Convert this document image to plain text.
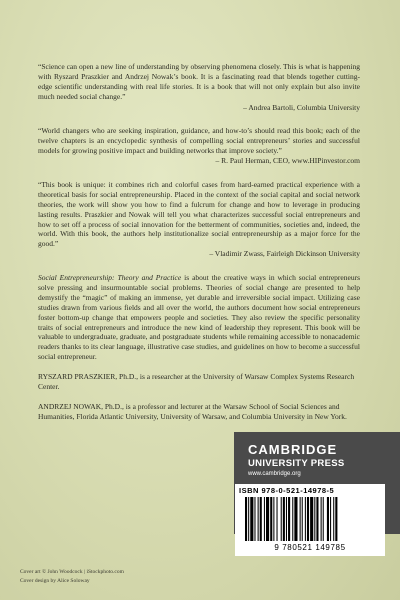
“Science can open a new line of understanding by observing phenomena closely. This is what is happening with Ryszard Praszkier and Andrzej Nowak’s book. It is a fascinating read that blends together cutting-edge scientific understanding with real life stories. It is a book that will not only explain but also invite much needed social change.”

– Andrea Bartoli, Columbia University

“World changers who are seeking inspiration, guidance, and how-to’s should read this book; each of the twelve chapters is an encyclopedic synthesis of compelling social entrepreneurs’ stories and successful models for growing positive impact and building networks that improve society.”

– R. Paul Herman, CEO, www.HIPinvestor.com

“This book is unique: it combines rich and colorful cases from hard-earned practical experience with a theoretical basis for social entrepreneurship. Placed in the context of the social capital and social network theories, the work will show you how to find a fulcrum for change and how to leverage in producing lasting results. Praszkier and Nowak will tell you what characterizes successful social entrepreneurs and how to set off a process of social innovation for the betterment of communities, societies and, indeed, the world. With this book, the authors help institutionalize social entrepreneurship as a major force for the good.”

– Vladimir Zwass, Fairleigh Dickinson University

Social Entrepreneurship: Theory and Practice is about the creative ways in which social entrepreneurs solve pressing and insurmountable social problems. Theories of social change are presented to help demystify the “magic” of making an immense, yet durable and irreversible social impact. Utilizing case studies drawn from various fields and all over the world, the authors document how social entrepreneurs foster bottom-up change that empowers people and societies. They also review the specific personality traits of social entrepreneurs and introduce the new kind of leadership they represent. This book will be valuable to undergraduate, graduate, and postgraduate students while remaining accessible to nonacademic readers thanks to its clear language, illustrative case studies, and guidelines on how to become a successful social entrepreneur.

RYSZARD PRASZKIER, Ph.D., is a researcher at the University of Warsaw Complex Systems Research Center.

ANDRZEJ NOWAK, Ph.D., is a professor and lecturer at the Warsaw School of Social Sciences and Humanities, Florida Atlantic University, University of Warsaw, and Columbia University in New York.

CAMBRIDGE
UNIVERSITY PRESS
www.cambridge.org
ISBN 978-0-521-14978-5
9 780521 149785
Cover art © John Woodcock | iStockphoto.com
Cover design by Alice Soloway
